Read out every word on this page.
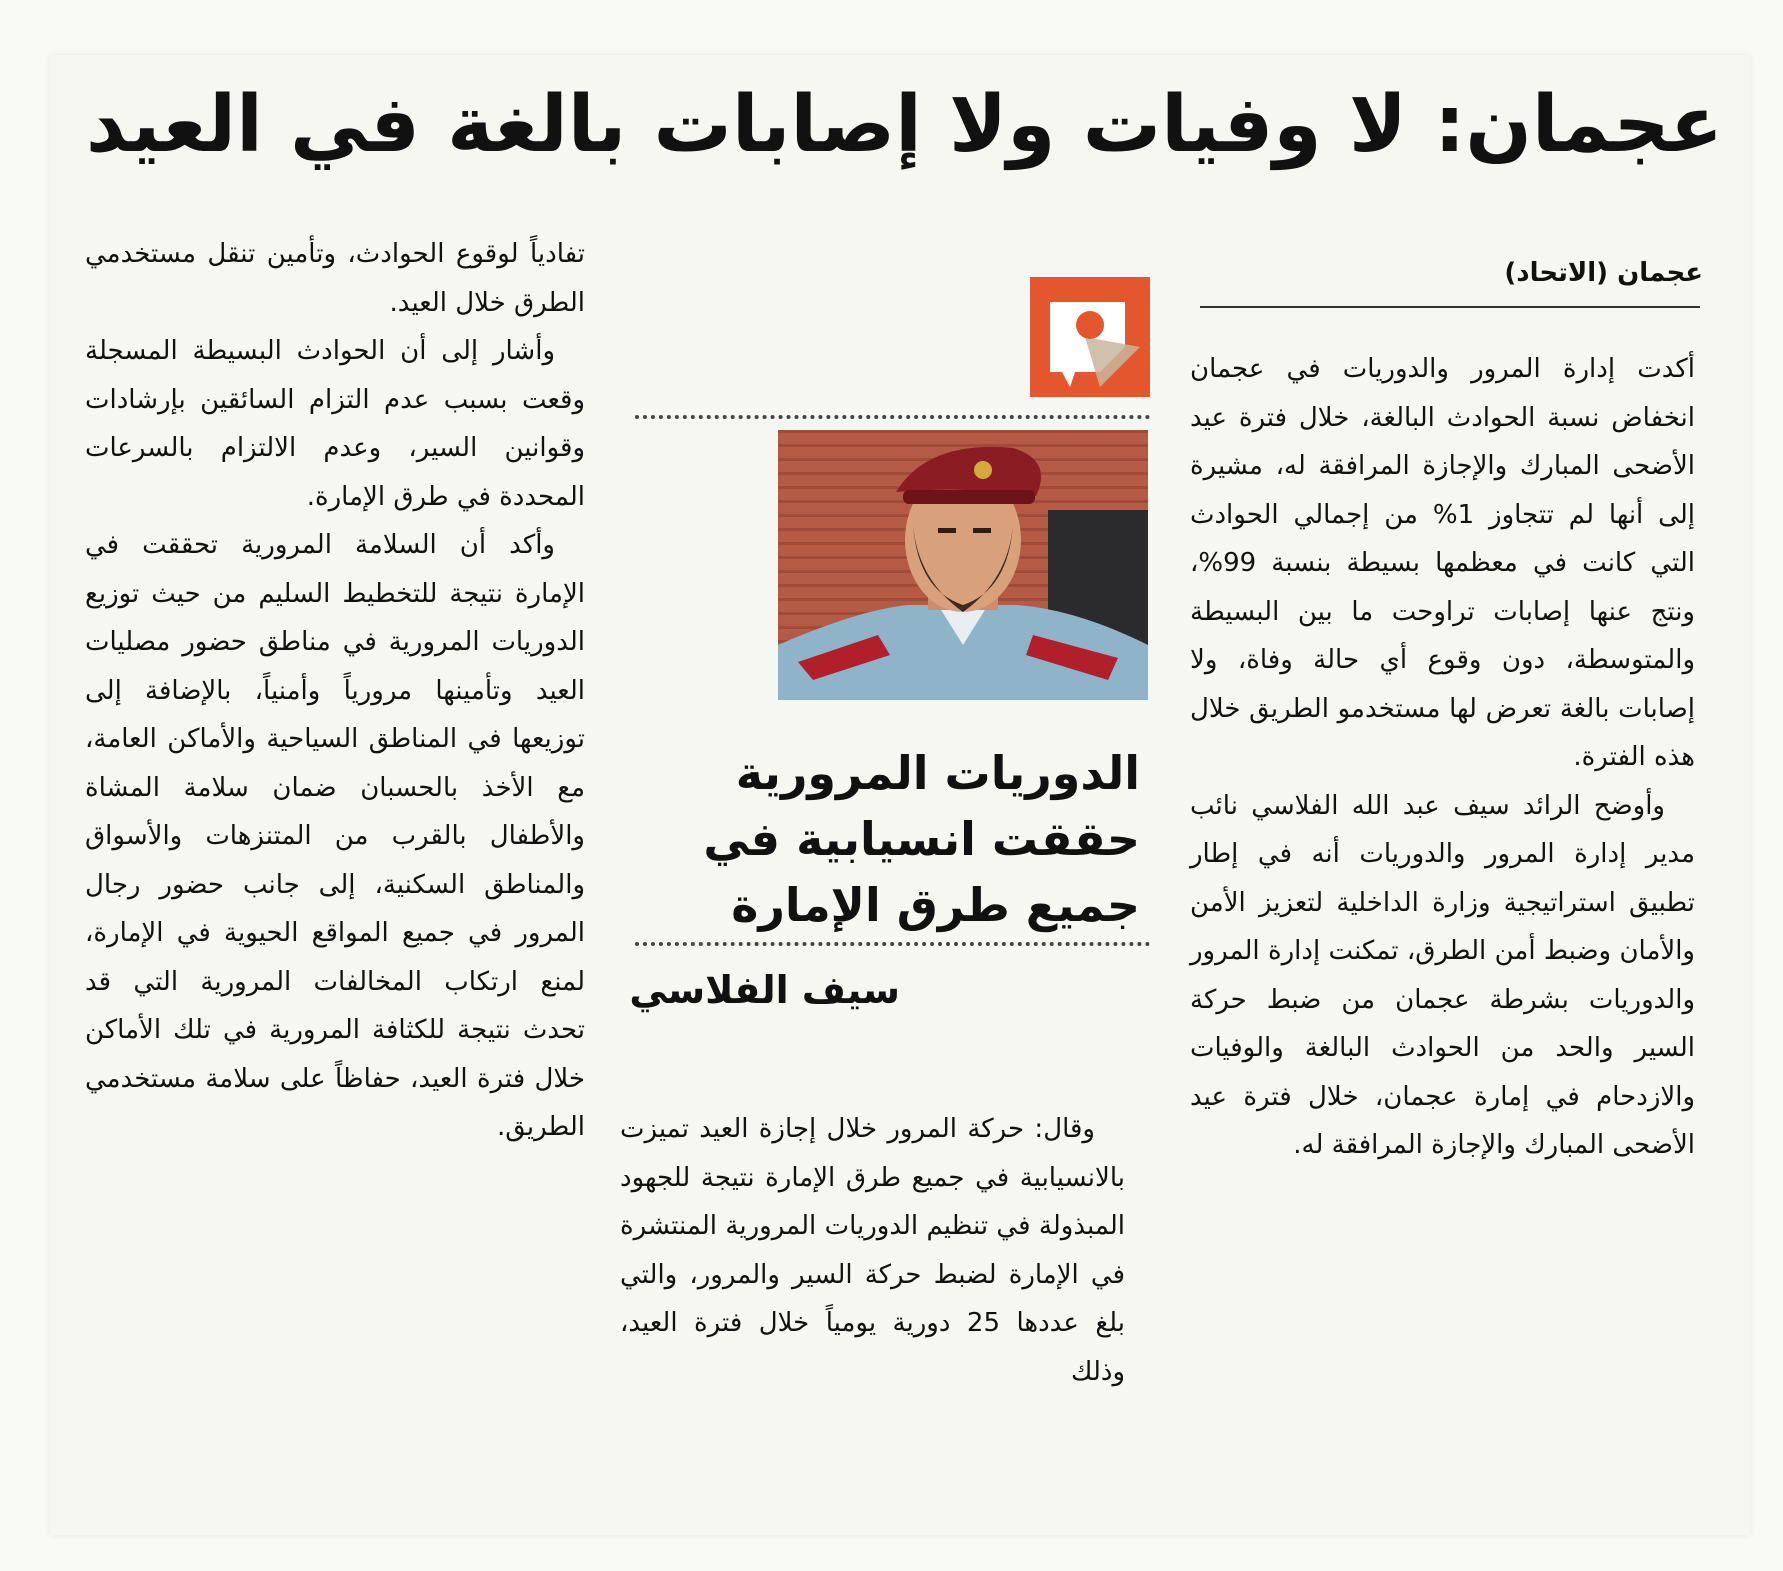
عجمان: لا وفيات ولا إصابات بالغة في العيد
عجمان (الاتحاد)

أكدت إدارة المرور والدوريات في عجمان انخفاض نسبة الحوادث البالغة، خلال فترة عيد الأضحى المبارك والإجازة المرافقة له، مشيرة إلى أنها لم تتجاوز 1% من إجمالي الحوادث التي كانت في معظمها بسيطة بنسبة 99%، ونتج عنها إصابات تراوحت ما بين البسيطة والمتوسطة، دون وقوع أي حالة وفاة، ولا إصابات بالغة تعرض لها مستخدمو الطريق خلال هذه الفترة.

وأوضح الرائد سيف عبد الله الفلاسي نائب مدير إدارة المرور والدوريات أنه في إطار تطبيق استراتيجية وزارة الداخلية لتعزيز الأمن والأمان وضبط أمن الطرق، تمكنت إدارة المرور والدوريات بشرطة عجمان من ضبط حركة السير والحد من الحوادث البالغة والوفيات والازدحام في إمارة عجمان، خلال فترة عيد الأضحى المبارك والإجازة المرافقة له.

الدوريات المرورية حققت انسيابية في جميع طرق الإمارة
سيف الفلاسي

وقال: حركة المرور خلال إجازة العيد تميزت بالانسيابية في جميع طرق الإمارة نتيجة للجهود المبذولة في تنظيم الدوريات المرورية المنتشرة في الإمارة لضبط حركة السير والمرور، والتي بلغ عددها 25 دورية يومياً خلال فترة العيد، وذلك

تفادياً لوقوع الحوادث، وتأمين تنقل مستخدمي الطرق خلال العيد.

وأشار إلى أن الحوادث البسيطة المسجلة وقعت بسبب عدم التزام السائقين بإرشادات وقوانين السير، وعدم الالتزام بالسرعات المحددة في طرق الإمارة.

وأكد أن السلامة المرورية تحققت في الإمارة نتيجة للتخطيط السليم من حيث توزيع الدوريات المرورية في مناطق حضور مصليات العيد وتأمينها مرورياً وأمنياً، بالإضافة إلى توزيعها في المناطق السياحية والأماكن العامة، مع الأخذ بالحسبان ضمان سلامة المشاة والأطفال بالقرب من المتنزهات والأسواق والمناطق السكنية، إلى جانب حضور رجال المرور في جميع المواقع الحيوية في الإمارة، لمنع ارتكاب المخالفات المرورية التي قد تحدث نتيجة للكثافة المرورية في تلك الأماكن خلال فترة العيد، حفاظاً على سلامة مستخدمي الطريق.
